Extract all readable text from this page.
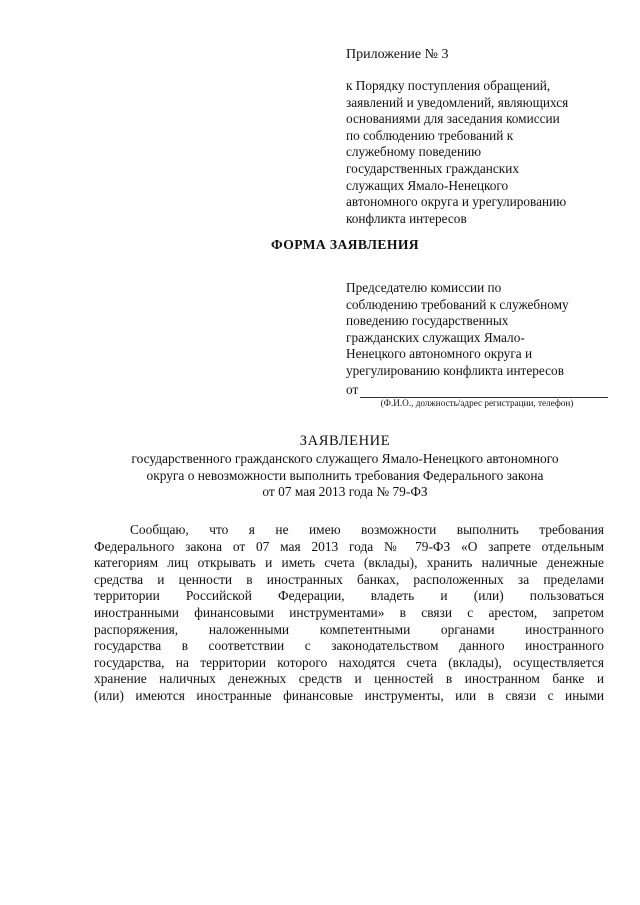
Приложение № 3
к Порядку поступления обращений,
заявлений и уведомлений, являющихся
основаниями для заседания комиссии
по соблюдению требований к
служебному поведению
государственных гражданских
служащих Ямало-Ненецкого
автономного округа и урегулированию
конфликта интересов
ФОРМА ЗАЯВЛЕНИЯ
Председателю комиссии по
соблюдению требований к служебному
поведению государственных
гражданских служащих Ямало-
Ненецкого автономного округа и
урегулированию конфликта интересов
от
(Ф.И.О., должность/адрес регистрации, телефон)
ЗАЯВЛЕНИЕ
государственного гражданского служащего Ямало-Ненецкого автономного
округа о невозможности выполнить требования Федерального закона
от 07 мая 2013 года № 79-ФЗ
Сообщаю, что я не имею возможности выполнить требования
Федерального закона от 07 мая 2013 года № 79-ФЗ «О запрете отдельным
категориям лиц открывать и иметь счета (вклады), хранить наличные денежные
средства и ценности в иностранных банках, расположенных за пределами
территории Российской Федерации, владеть и (или) пользоваться
иностранными финансовыми инструментами» в связи с арестом, запретом
распоряжения, наложенными компетентными органами иностранного
государства в соответствии с законодательством данного иностранного
государства, на территории которого находятся счета (вклады), осуществляется
хранение наличных денежных средств и ценностей в иностранном банке и
(или) имеются иностранные финансовые инструменты, или в связи с иными
